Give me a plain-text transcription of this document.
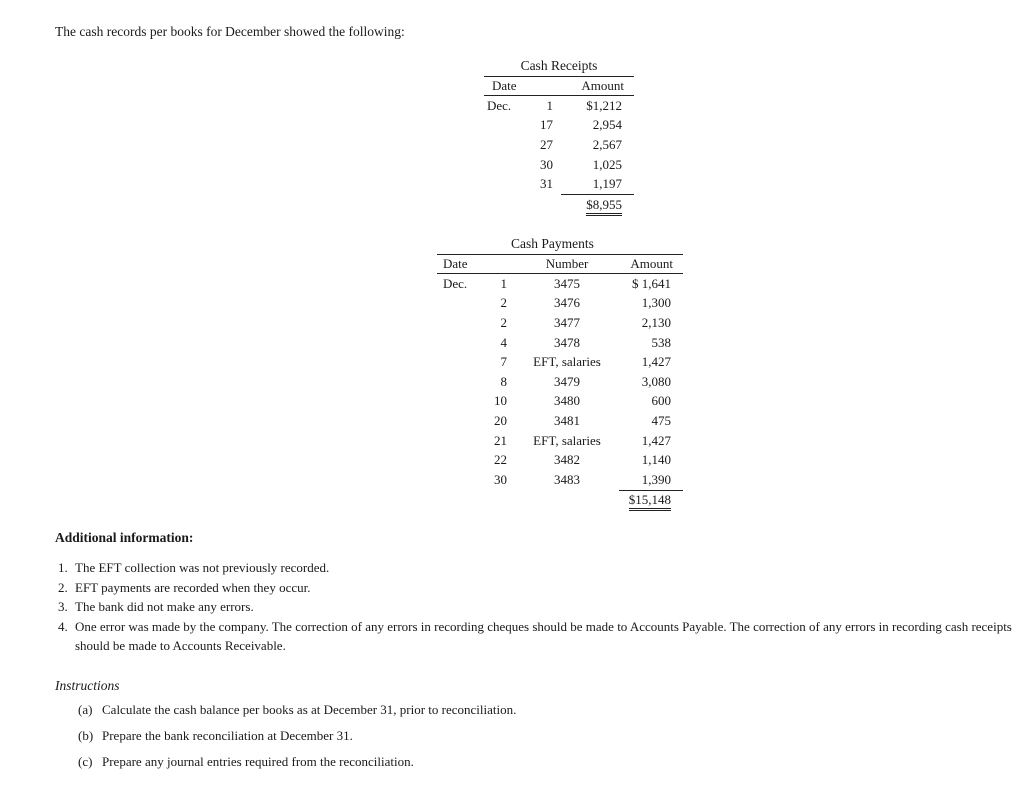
The cash records per books for December showed the following:
Cash Receipts
Date		Amount
Dec.	1	$1,212
	17	2,954
	27	2,567
	30	1,025
	31	1,197
		$8,955
Cash Payments
Date		Number	Amount
Dec.	1	3475	$ 1,641
	2	3476	1,300
	2	3477	2,130
	4	3478	538
	7	EFT, salaries	1,427
	8	3479	3,080
	10	3480	600
	20	3481	475
	21	EFT, salaries	1,427
	22	3482	1,140
	30	3483	1,390
			$15,148
Additional information:
1. The EFT collection was not previously recorded.
2. EFT payments are recorded when they occur.
3. The bank did not make any errors.
4. One error was made by the company. The correction of any errors in recording cheques should be made to Accounts Payable. The correction of any errors in recording cash receipts should be made to Accounts Receivable.
Instructions
(a) Calculate the cash balance per books as at December 31, prior to reconciliation.
(b) Prepare the bank reconciliation at December 31.
(c) Prepare any journal entries required from the reconciliation.
